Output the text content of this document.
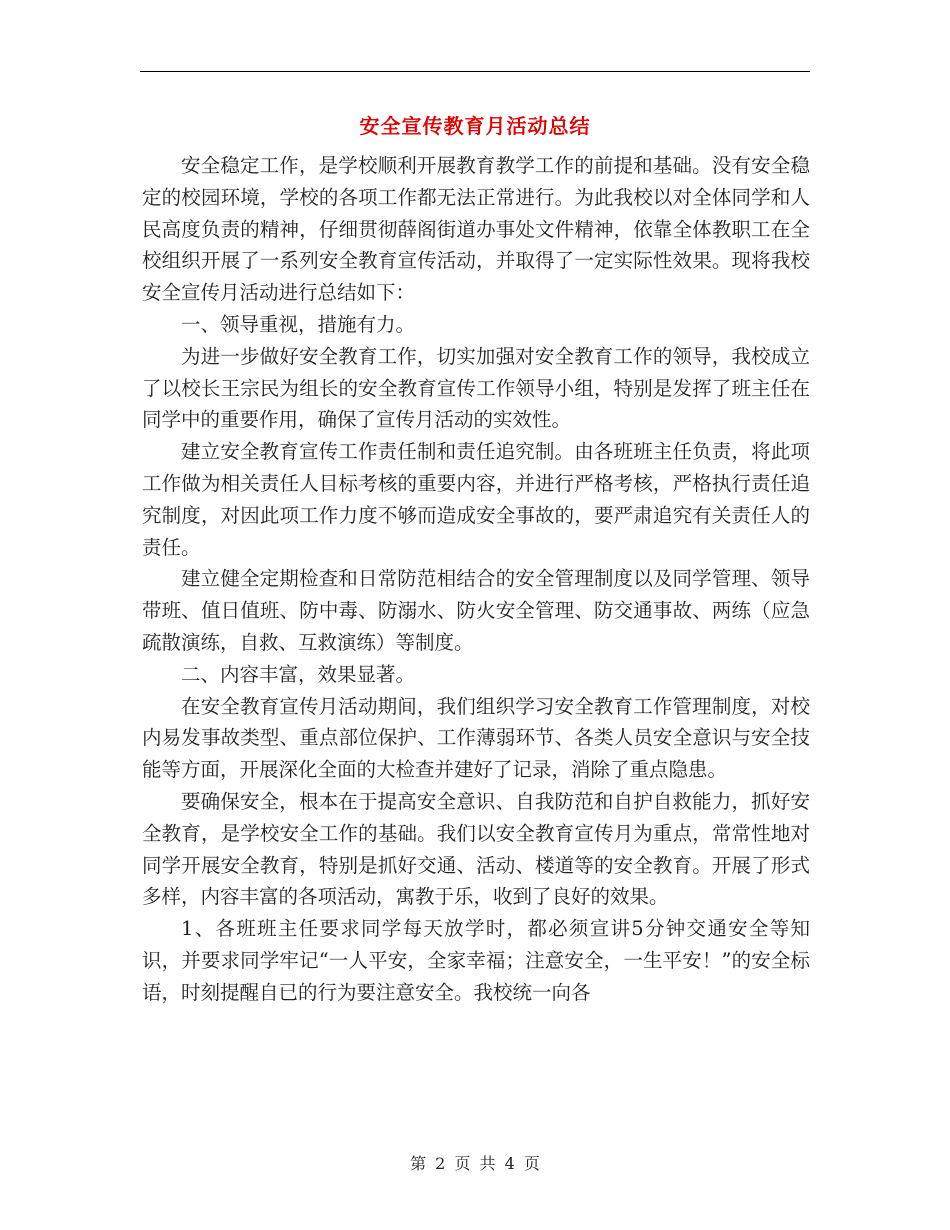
安全宣传教育月活动总结

安全稳定工作，是学校顺利开展教育教学工作的前提和基础。没有安全稳定的校园环境，学校的各项工作都无法正常进行。为此我校以对全体同学和人民高度负责的精神，仔细贯彻薛阁街道办事处文件精神，依靠全体教职工在全校组织开展了一系列安全教育宣传活动，并取得了一定实际性效果。现将我校安全宣传月活动进行总结如下：

一、领导重视，措施有力。

为进一步做好安全教育工作，切实加强对安全教育工作的领导，我校成立了以校长王宗民为组长的安全教育宣传工作领导小组，特别是发挥了班主任在同学中的重要作用，确保了宣传月活动的实效性。

建立安全教育宣传工作责任制和责任追究制。由各班班主任负责，将此项工作做为相关责任人目标考核的重要内容，并进行严格考核，严格执行责任追究制度，对因此项工作力度不够而造成安全事故的，要严肃追究有关责任人的责任。

建立健全定期检查和日常防范相结合的安全管理制度以及同学管理、领导带班、值日值班、防中毒、防溺水、防火安全管理、防交通事故、两练（应急疏散演练，自救、互救演练）等制度。

二、内容丰富，效果显著。

在安全教育宣传月活动期间，我们组织学习安全教育工作管理制度，对校内易发事故类型、重点部位保护、工作薄弱环节、各类人员安全意识与安全技能等方面，开展深化全面的大检查并建好了记录，消除了重点隐患。

要确保安全，根本在于提高安全意识、自我防范和自护自救能力，抓好安全教育，是学校安全工作的基础。我们以安全教育宣传月为重点，常常性地对同学开展安全教育，特别是抓好交通、活动、楼道等的安全教育。开展了形式多样，内容丰富的各项活动，寓教于乐，收到了良好的效果。

1、各班班主任要求同学每天放学时，都必须宣讲5分钟交通安全等知识，并要求同学牢记“一人平安，全家幸福；注意安全，一生平安！”的安全标语，时刻提醒自已的行为要注意安全。我校统一向各

第 2 页 共 4 页
